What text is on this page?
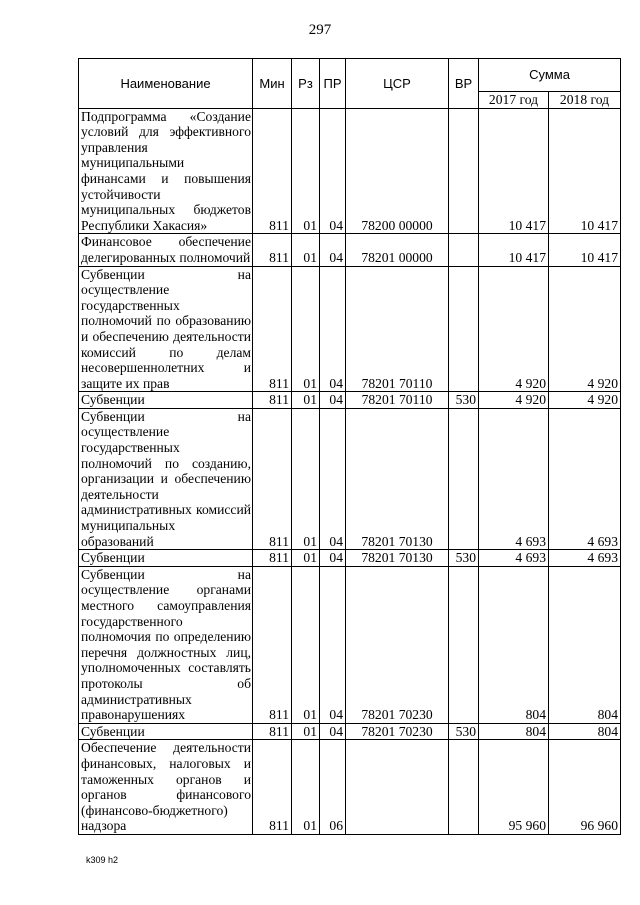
297
Наименование	Мин	Рз	ПР	ЦСР	ВР	Сумма	
						2017 год	2018 год
Подпрограмма «Создание условий для эффективного управления муниципальными финансами и повышения устойчивости муниципальных бюджетов Республики Хакасия»	811	01	04	78200 00000		10 417	10 417
Финансовое обеспечение делегированных полномочий	811	01	04	78201 00000		10 417	10 417
Субвенции на осуществление государственных полномочий по образованию и обеспечению деятельности комиссий по делам несовершеннолетних и защите их прав	811	01	04	78201 70110		4 920	4 920
Субвенции	811	01	04	78201 70110	530	4 920	4 920
Субвенции на осуществление государственных полномочий по созданию, организации и обеспечению деятельности административных комиссий муниципальных образований	811	01	04	78201 70130		4 693	4 693
Субвенции	811	01	04	78201 70130	530	4 693	4 693
Субвенции на осуществление органами местного самоуправления государственного полномочия по определению перечня должностных лиц, уполномоченных составлять протоколы об административных правонарушениях	811	01	04	78201 70230		804	804
Субвенции	811	01	04	78201 70230	530	804	804
Обеспечение деятельности финансовых, налоговых и таможенных органов и органов финансового (финансово-бюджетного) надзора	811	01	06			95 960	96 960
k309 h2
